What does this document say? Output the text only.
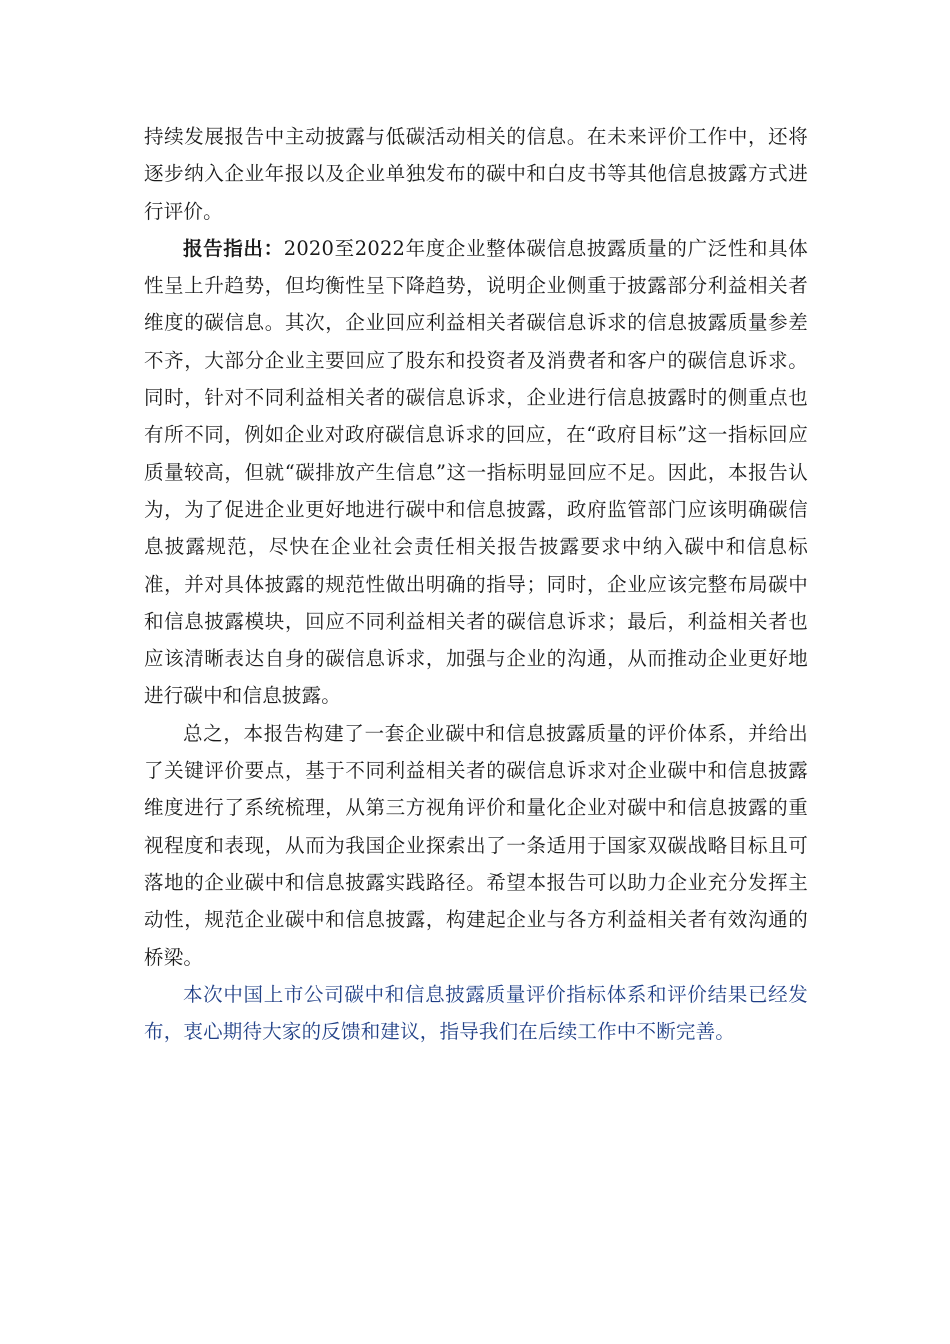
持续发展报告中主动披露与低碳活动相关的信息。在未来评价工作中，还将逐步纳入企业年报以及企业单独发布的碳中和白皮书等其他信息披露方式进行评价。

报告指出：2020至2022年度企业整体碳信息披露质量的广泛性和具体性呈上升趋势，但均衡性呈下降趋势，说明企业侧重于披露部分利益相关者维度的碳信息。其次，企业回应利益相关者碳信息诉求的信息披露质量参差不齐，大部分企业主要回应了股东和投资者及消费者和客户的碳信息诉求。同时，针对不同利益相关者的碳信息诉求，企业进行信息披露时的侧重点也有所不同，例如企业对政府碳信息诉求的回应，在“政府目标”这一指标回应质量较高，但就“碳排放产生信息”这一指标明显回应不足。因此，本报告认为，为了促进企业更好地进行碳中和信息披露，政府监管部门应该明确碳信息披露规范，尽快在企业社会责任相关报告披露要求中纳入碳中和信息标准，并对具体披露的规范性做出明确的指导；同时，企业应该完整布局碳中和信息披露模块，回应不同利益相关者的碳信息诉求；最后，利益相关者也应该清晰表达自身的碳信息诉求，加强与企业的沟通，从而推动企业更好地进行碳中和信息披露。

总之，本报告构建了一套企业碳中和信息披露质量的评价体系，并给出了关键评价要点，基于不同利益相关者的碳信息诉求对企业碳中和信息披露维度进行了系统梳理，从第三方视角评价和量化企业对碳中和信息披露的重视程度和表现，从而为我国企业探索出了一条适用于国家双碳战略目标且可落地的企业碳中和信息披露实践路径。希望本报告可以助力企业充分发挥主动性，规范企业碳中和信息披露，构建起企业与各方利益相关者有效沟通的桥梁。

本次中国上市公司碳中和信息披露质量评价指标体系和评价结果已经发布，衷心期待大家的反馈和建议，指导我们在后续工作中不断完善。
